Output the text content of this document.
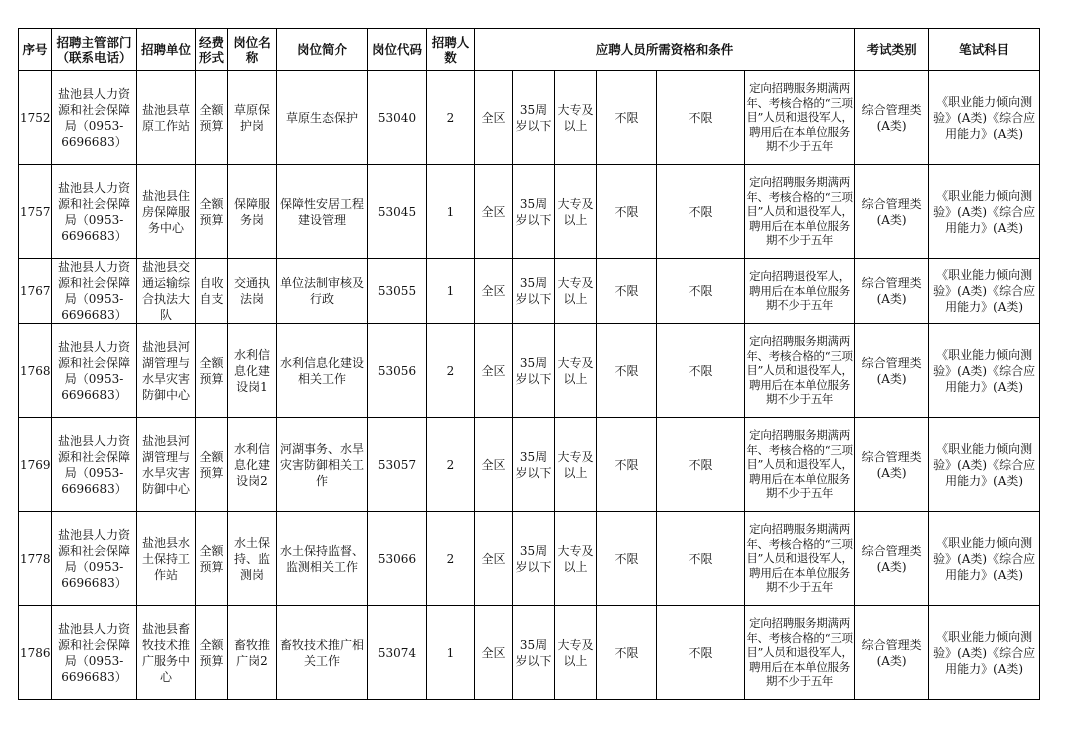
序号	招聘主管部门（联系电话）	招聘单位	经费形式	岗位名称	岗位简介	岗位代码	招聘人数	应聘人员所需资格和条件						考试类别	笔试科目
1752	盐池县人力资源和社会保障局（0953-6696683）	盐池县草原工作站	全额预算	草原保护岗	草原生态保护	53040	2	全区	35周岁以下	大专及以上	不限	不限	定向招聘服务期满两年、考核合格的“三项目”人员和退役军人，聘用后在本单位服务期不少于五年	综合管理类(A类)	《职业能力倾向测验》(A类)《综合应用能力》(A类)
1757	盐池县人力资源和社会保障局（0953-6696683）	盐池县住房保障服务中心	全额预算	保障服务岗	保障性安居工程建设管理	53045	1	全区	35周岁以下	大专及以上	不限	不限	定向招聘服务期满两年、考核合格的“三项目”人员和退役军人，聘用后在本单位服务期不少于五年	综合管理类(A类)	《职业能力倾向测验》(A类)《综合应用能力》(A类)
1767	盐池县人力资源和社会保障局（0953-6696683）	盐池县交通运输综合执法大队	自收自支	交通执法岗	单位法制审核及行政	53055	1	全区	35周岁以下	大专及以上	不限	不限	定向招聘退役军人，聘用后在本单位服务期不少于五年	综合管理类(A类)	《职业能力倾向测验》(A类)《综合应用能力》(A类)
1768	盐池县人力资源和社会保障局（0953-6696683）	盐池县河湖管理与水旱灾害防御中心	全额预算	水利信息化建设岗1	水利信息化建设相关工作	53056	2	全区	35周岁以下	大专及以上	不限	不限	定向招聘服务期满两年、考核合格的“三项目”人员和退役军人，聘用后在本单位服务期不少于五年	综合管理类(A类)	《职业能力倾向测验》(A类)《综合应用能力》(A类)
1769	盐池县人力资源和社会保障局（0953-6696683）	盐池县河湖管理与水旱灾害防御中心	全额预算	水利信息化建设岗2	河湖事务、水旱灾害防御相关工作	53057	2	全区	35周岁以下	大专及以上	不限	不限	定向招聘服务期满两年、考核合格的“三项目”人员和退役军人，聘用后在本单位服务期不少于五年	综合管理类(A类)	《职业能力倾向测验》(A类)《综合应用能力》(A类)
1778	盐池县人力资源和社会保障局（0953-6696683）	盐池县水土保持工作站	全额预算	水土保持、监测岗	水土保持监督、监测相关工作	53066	2	全区	35周岁以下	大专及以上	不限	不限	定向招聘服务期满两年、考核合格的“三项目”人员和退役军人，聘用后在本单位服务期不少于五年	综合管理类(A类)	《职业能力倾向测验》(A类)《综合应用能力》(A类)
1786	盐池县人力资源和社会保障局（0953-6696683）	盐池县畜牧技术推广服务中心	全额预算	畜牧推广岗2	畜牧技术推广相关工作	53074	1	全区	35周岁以下	大专及以上	不限	不限	定向招聘服务期满两年、考核合格的“三项目”人员和退役军人，聘用后在本单位服务期不少于五年	综合管理类(A类)	《职业能力倾向测验》(A类)《综合应用能力》(A类)
